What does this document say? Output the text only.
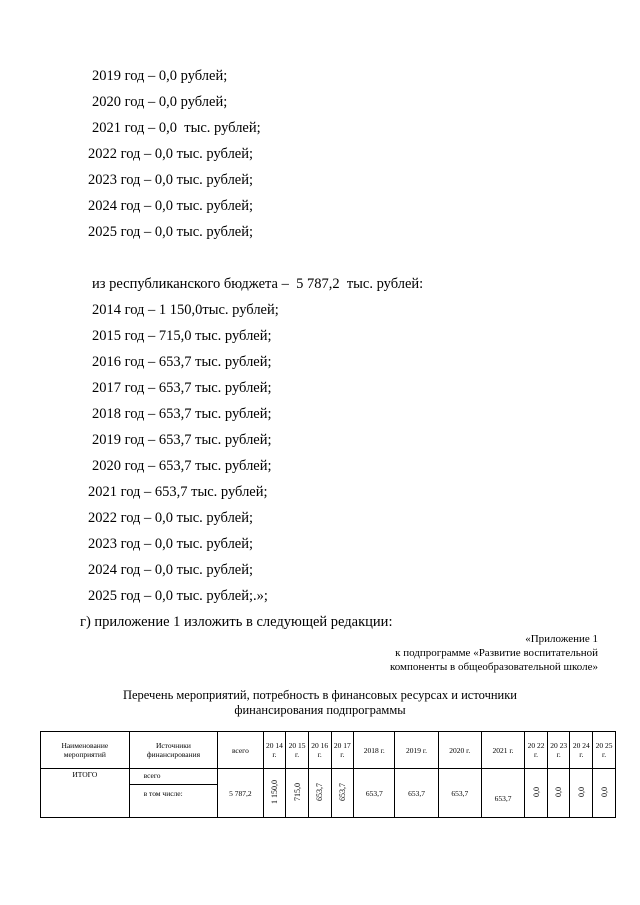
2019 год – 0,0 рублей;
2020 год – 0,0 рублей;
2021 год – 0,0  тыс. рублей;
2022 год – 0,0 тыс. рублей;
2023 год – 0,0 тыс. рублей;
2024 год – 0,0 тыс. рублей;
2025 год – 0,0 тыс. рублей;
из республиканского бюджета –  5 787,2  тыс. рублей:
2014 год – 1 150,0тыс. рублей;
2015 год – 715,0 тыс. рублей;
2016 год – 653,7 тыс. рублей;
2017 год – 653,7 тыс. рублей;
2018 год – 653,7 тыс. рублей;
2019 год – 653,7 тыс. рублей;
2020 год – 653,7 тыс. рублей;
2021 год – 653,7 тыс. рублей;
2022 год – 0,0 тыс. рублей;
2023 год – 0,0 тыс. рублей;
2024 год – 0,0 тыс. рублей;
2025 год – 0,0 тыс. рублей;.»;
г) приложение 1 изложить в следующей редакции:
«Приложение 1
к подпрограмме «Развитие воспитательной
компоненты в общеобразовательной школе»
Перечень мероприятий, потребность в финансовых ресурсах и источники
финансирования подпрограммы
Наименование мероприятий	Источники финансирования	всего	20 14 г.	20 15 г.	20 16 г.	20 17 г.	2018 г.	2019 г.	2020 г.	2021 г.	20 22 г.	20 23 г.	20 24 г.	20 25 г.
ИТОГО	всего
в том числе:	5 787,2	1 150,0	715,0	653,7	653,7	653,7	653,7	653,7	653,7	0,0	0,0	0,0	0,0
